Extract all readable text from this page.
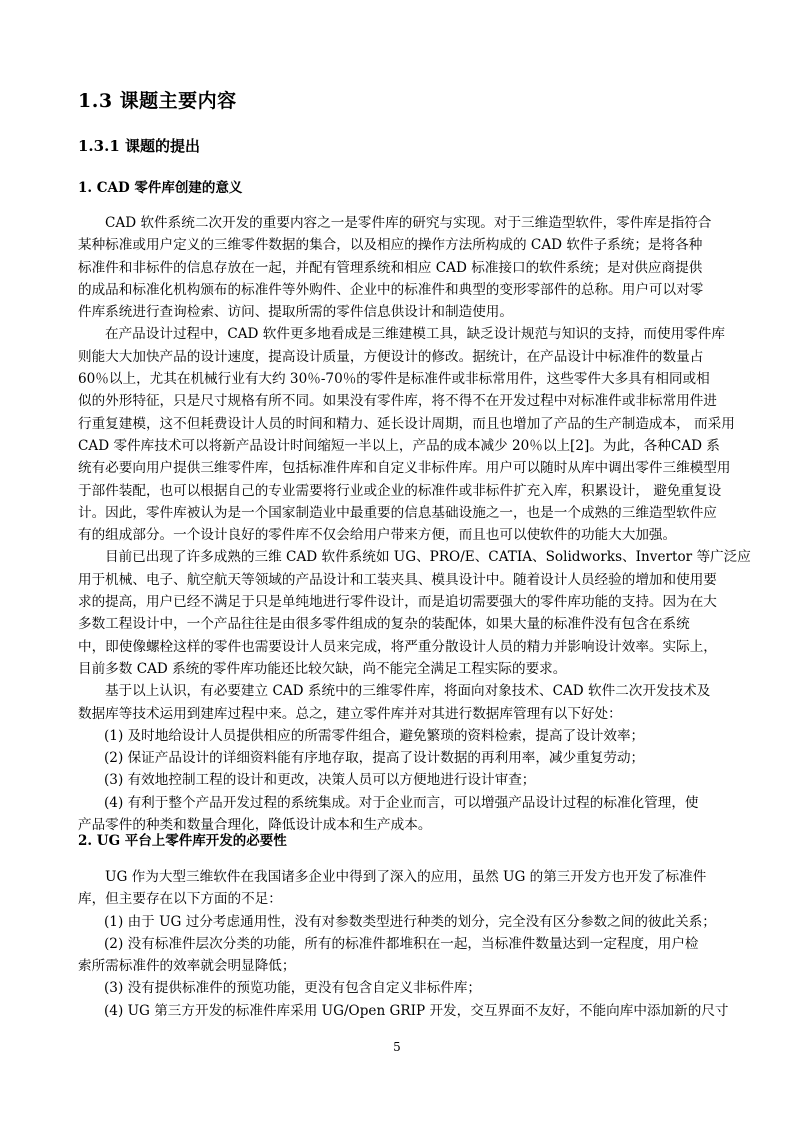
1.3 课题主要内容
1.3.1 课题的提出
1. CAD 零件库创建的意义
CAD 软件系统二次开发的重要内容之一是零件库的研究与实现。对于三维造型软件，零件库是指符合
某种标准或用户定义的三维零件数据的集合，以及相应的操作方法所构成的 CAD 软件子系统；是将各种
标准件和非标件的信息存放在一起，并配有管理系统和相应 CAD 标准接口的软件系统；是对供应商提供
的成品和标准化机构颁布的标准件等外购件、企业中的标准件和典型的变形零部件的总称。用户可以对零
件库系统进行查询检索、访问、提取所需的零件信息供设计和制造使用。
在产品设计过程中，CAD 软件更多地看成是三维建模工具，缺乏设计规范与知识的支持，而使用零件库
则能大大加快产品的设计速度，提高设计质量，方便设计的修改。据统计，在产品设计中标准件的数量占
60％以上，尤其在机械行业有大约 30％-70％的零件是标准件或非标常用件，这些零件大多具有相同或相
似的外形特征，只是尺寸规格有所不同。如果没有零件库，将不得不在开发过程中对标准件或非标常用件进
行重复建模，这不但耗费设计人员的时间和精力、延长设计周期，而且也增加了产品的生产制造成本， 而采用
CAD 零件库技术可以将新产品设计时间缩短一半以上，产品的成本减少 20％以上[2]。为此，各种CAD 系
统有必要向用户提供三维零件库，包括标准件库和自定义非标件库。用户可以随时从库中调出零件三维模型用
于部件装配，也可以根据自己的专业需要将行业或企业的标准件或非标件扩充入库，积累设计， 避免重复设
计。因此，零件库被认为是一个国家制造业中最重要的信息基础设施之一，也是一个成熟的三维造型软件应
有的组成部分。一个设计良好的零件库不仅会给用户带来方便，而且也可以使软件的功能大大加强。
目前已出现了许多成熟的三维 CAD 软件系统如 UG、PRO/E、CATIA、Solidworks、Invertor 等广泛应
用于机械、电子、航空航天等领域的产品设计和工装夹具、模具设计中。随着设计人员经验的增加和使用要
求的提高，用户已经不满足于只是单纯地进行零件设计，而是追切需要强大的零件库功能的支持。因为在大
多数工程设计中，一个产品往往是由很多零件组成的复杂的装配体，如果大量的标准件没有包含在系统
中，即使像螺栓这样的零件也需要设计人员来完成，将严重分散设计人员的精力并影响设计效率。实际上，
目前多数 CAD 系统的零件库功能还比较欠缺，尚不能完全满足工程实际的要求。
基于以上认识，有必要建立 CAD 系统中的三维零件库，将面向对象技术、CAD 软件二次开发技术及
数据库等技术运用到建库过程中来。总之，建立零件库并对其进行数据库管理有以下好处：
(1) 及时地给设计人员提供相应的所需零件组合，避免繁琐的资料检索，提高了设计效率；
(2) 保证产品设计的详细资料能有序地存取，提高了设计数据的再利用率，减少重复劳动；
(3) 有效地控制工程的设计和更改，决策人员可以方便地进行设计审查；
(4) 有利于整个产品开发过程的系统集成。对于企业而言，可以增强产品设计过程的标准化管理，使
产品零件的种类和数量合理化，降低设计成本和生产成本。
2. UG 平台上零件库开发的必要性
UG 作为大型三维软件在我国诸多企业中得到了深入的应用，虽然 UG 的第三开发方也开发了标准件
库，但主要存在以下方面的不足：
(1) 由于 UG 过分考虑通用性，没有对参数类型进行种类的划分，完全没有区分参数之间的彼此关系；
(2) 没有标准件层次分类的功能，所有的标准件都堆积在一起，当标准件数量达到一定程度，用户检
索所需标准件的效率就会明显降低；
(3) 没有提供标准件的预览功能，更没有包含自定义非标件库；
(4) UG 第三方开发的标准件库采用 UG/Open GRIP 开发，交互界面不友好，不能向库中添加新的尺寸
5
